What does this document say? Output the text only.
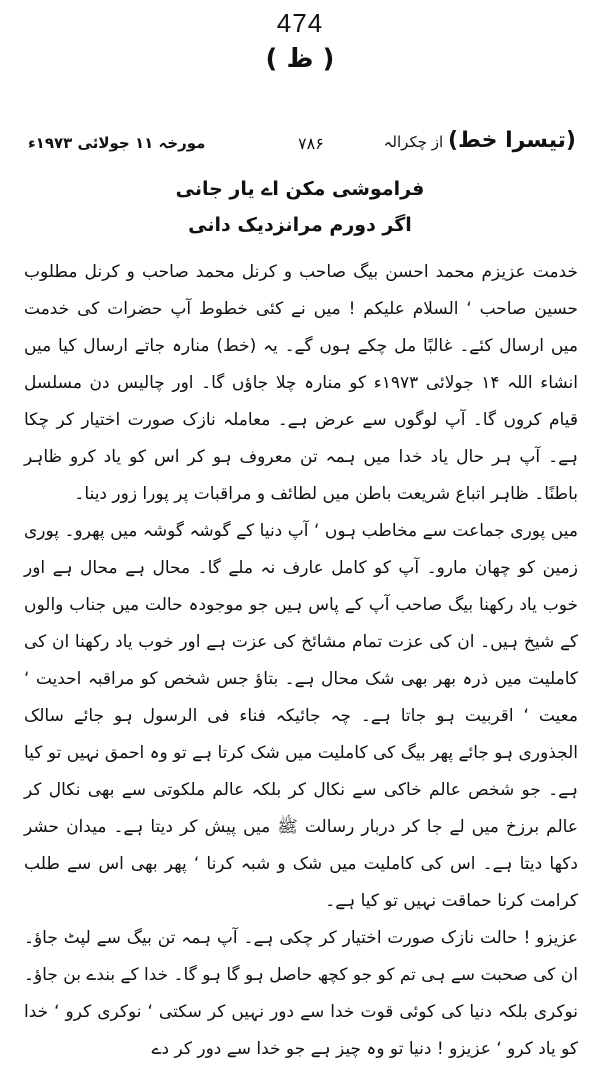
474
( ظ )
(تیسرا خط) از چکرالہ
۷۸۶
مورخہ ۱۱ جولائی ۱۹۷۳ء
فراموشی مکن اے یار جانی
اگر دورم مرانزدیک دانی

خدمت عزیزم محمد احسن بیگ صاحب و کرنل محمد صاحب و کرنل مطلوب حسین صاحب ‘ السلام علیکم ! میں نے کئی خطوط آپ حضرات کی خدمت میں ارسال کئے۔ غالبًا مل چکے ہوں گے۔ یہ (خط) منارہ جاتے ارسال کیا میں انشاء اللہ ۱۴ جولائی ۱۹۷۳ء کو منارہ چلا جاؤں گا۔ اور چالیس دن مسلسل قیام کروں گا۔ آپ لوگوں سے عرض ہے۔ معاملہ نازک صورت اختیار کر چکا ہے۔ آپ ہر حال یاد خدا میں ہمہ تن معروف ہو کر اس کو یاد کرو ظاہر باطنًا۔ ظاہر اتباع شریعت باطن میں لطائف و مراقبات پر پورا زور دینا۔

میں پوری جماعت سے مخاطب ہوں ‘ آپ دنیا کے گوشہ گوشہ میں پھرو۔ پوری زمین کو چھان مارو۔ آپ کو کامل عارف نہ ملے گا۔ محال ہے محال ہے اور خوب یاد رکھنا بیگ صاحب آپ کے پاس ہیں جو موجودہ حالت میں جناب والوں کے شیخ ہیں۔ ان کی عزت تمام مشائخ کی عزت ہے اور خوب یاد رکھنا ان کی کاملیت میں ذرہ بھر بھی شک محال ہے۔ بتاؤ جس شخص کو مراقبہ احدیت ‘ معیت ‘ اقربیت ہو جاتا ہے۔ چہ جائیکہ فناء فی الرسول ہو جائے سالک الجذوری ہو جائے پھر بیگ کی کاملیت میں شک کرتا ہے تو وہ احمق نہیں تو کیا ہے۔ جو شخص عالم خاکی سے نکال کر بلکہ عالم ملکوتی سے بھی نکال کر عالم برزخ میں لے جا کر دربار رسالت ﷺ میں پیش کر دیتا ہے۔ میدان حشر دکھا دیتا ہے۔ اس کی کاملیت میں شک و شبہ کرنا ‘ پھر بھی اس سے طلب کرامت کرنا حماقت نہیں تو کیا ہے۔

عزیزو ! حالت نازک صورت اختیار کر چکی ہے۔ آپ ہمہ تن بیگ سے لپٹ جاؤ۔ ان کی صحبت سے ہی تم کو جو کچھ حاصل ہو گا ہو گا۔ خدا کے بندے بن جاؤ۔ نوکری بلکہ دنیا کی کوئی قوت خدا سے دور نہیں کر سکتی ‘ نوکری کرو ‘ خدا کو یاد کرو ‘ عزیزو ! دنیا تو وہ چیز ہے جو خدا سے دور کر دے
